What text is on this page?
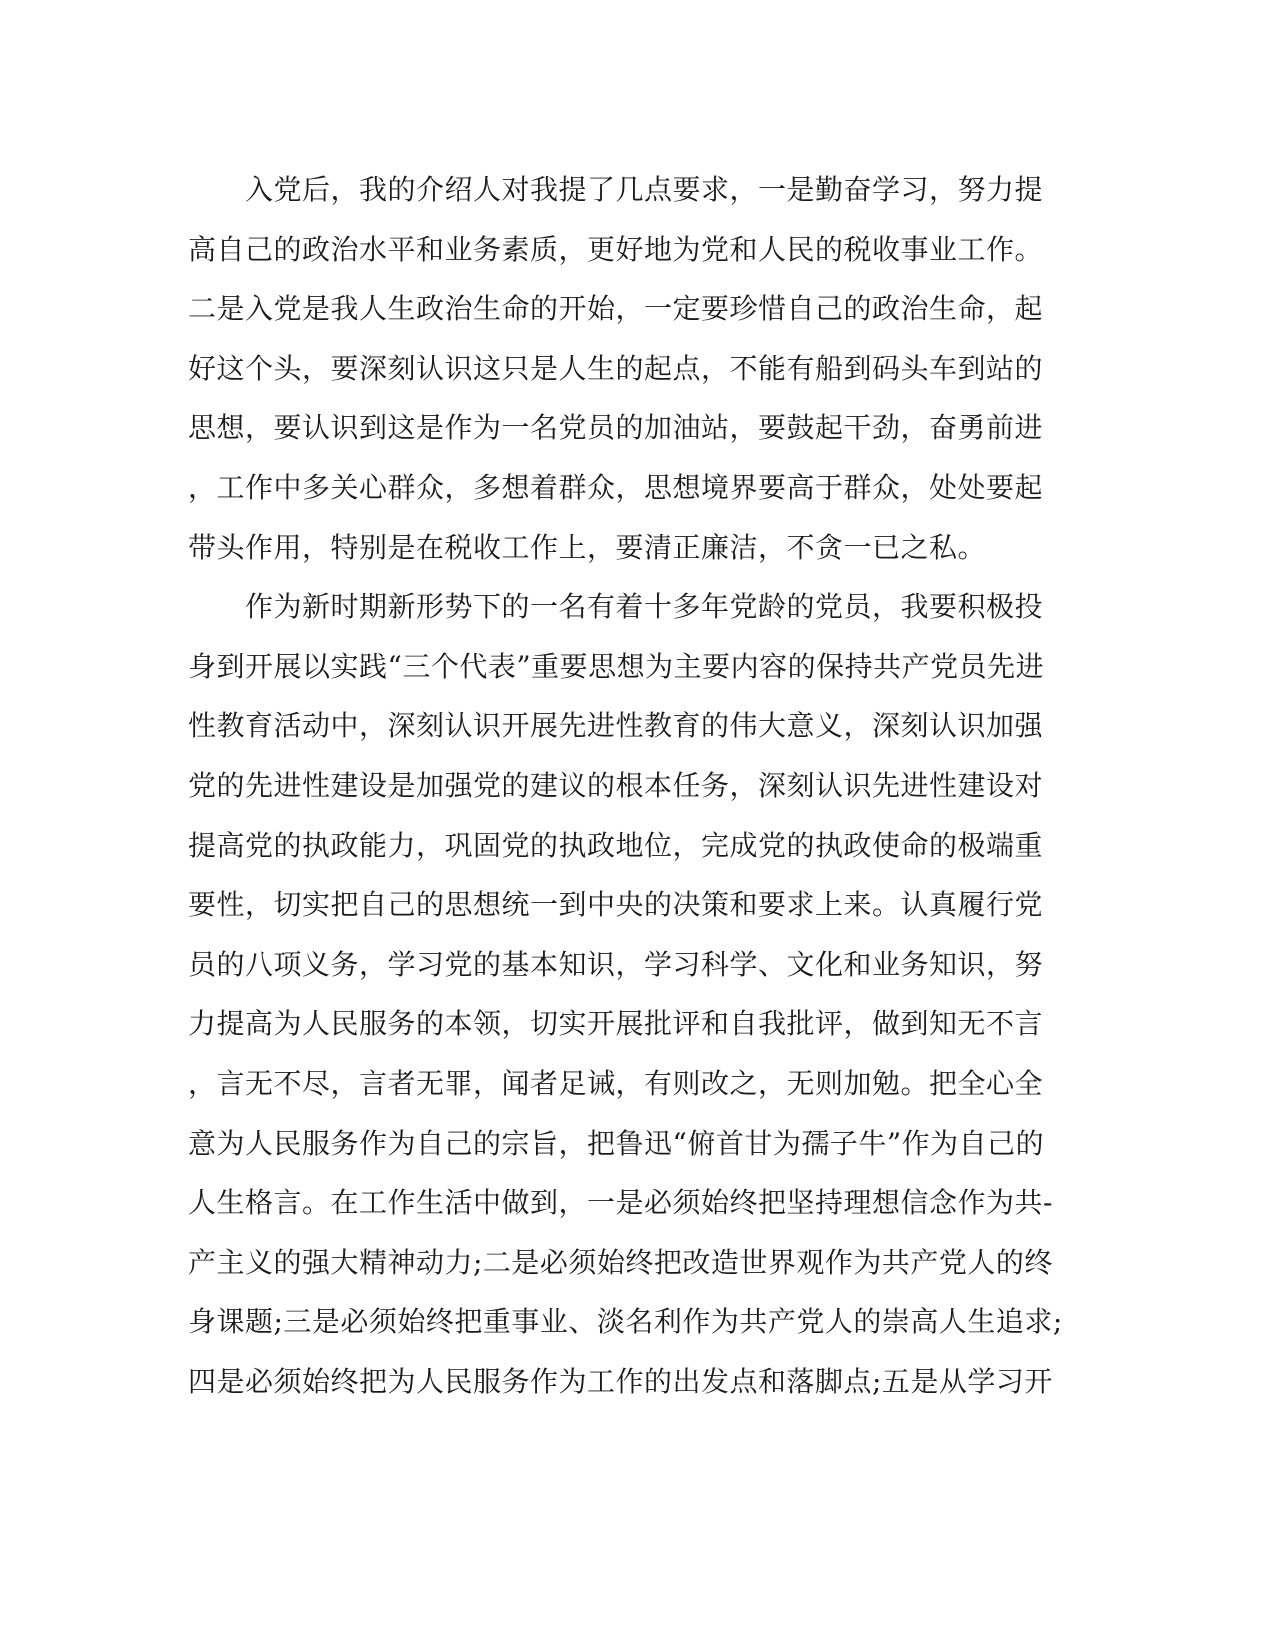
　　入党后，我的介绍人对我提了几点要求，一是勤奋学习，努力提
高自己的政治水平和业务素质，更好地为党和人民的税收事业工作。
二是入党是我人生政治生命的开始，一定要珍惜自己的政治生命，起
好这个头，要深刻认识这只是人生的起点，不能有船到码头车到站的
思想，要认识到这是作为一名党员的加油站，要鼓起干劲，奋勇前进
，工作中多关心群众，多想着群众，思想境界要高于群众，处处要起
带头作用，特别是在税收工作上，要清正廉洁，不贪一已之私。
　　作为新时期新形势下的一名有着十多年党龄的党员，我要积极投
身到开展以实践“三个代表”重要思想为主要内容的保持共产党员先进
性教育活动中，深刻认识开展先进性教育的伟大意义，深刻认识加强
党的先进性建设是加强党的建议的根本任务，深刻认识先进性建设对
提高党的执政能力，巩固党的执政地位，完成党的执政使命的极端重
要性，切实把自己的思想统一到中央的决策和要求上来。认真履行党
员的八项义务，学习党的基本知识，学习科学、文化和业务知识，努
力提高为人民服务的本领，切实开展批评和自我批评，做到知无不言
，言无不尽，言者无罪，闻者足诫，有则改之，无则加勉。把全心全
意为人民服务作为自己的宗旨，把鲁迅“俯首甘为孺子牛”作为自己的
人生格言。在工作生活中做到，一是必须始终把坚持理想信念作为共-
产主义的强大精神动力;二是必须始终把改造世界观作为共产党人的终
身课题;三是必须始终把重事业、淡名利作为共产党人的崇高人生追求;
四是必须始终把为人民服务作为工作的出发点和落脚点;五是从学习开
